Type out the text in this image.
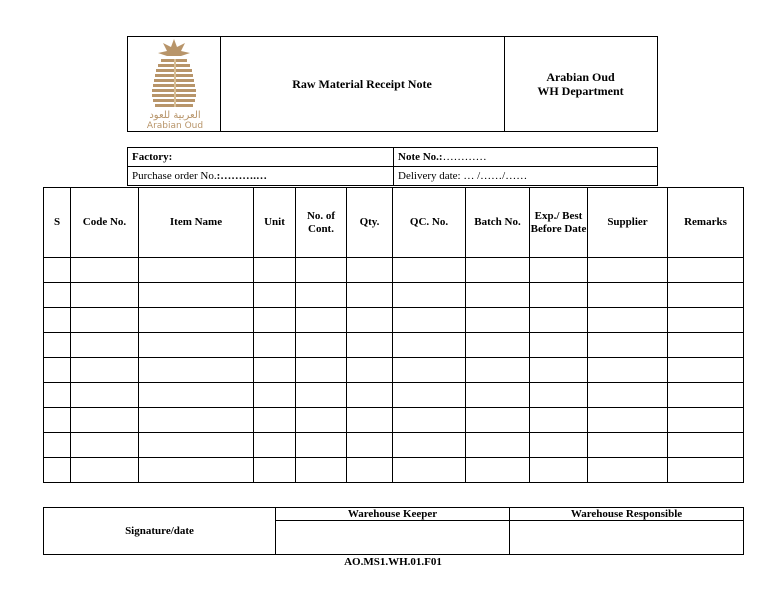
العربية للعود
Arabian Oud
Raw Material Receipt Note	Arabian Oud
WH Department
Factory:	Note No.:…………
Purchase order No.:……….…	Delivery date: … /……/……
S	Code No.	Item Name	Unit	No. of Cont.	Qty.	QC. No.	Batch No.	Exp./ Best Before Date	Supplier	Remarks

Signature/date	Warehouse Keeper	Warehouse Responsible

AO.MS1.WH.01.F01
